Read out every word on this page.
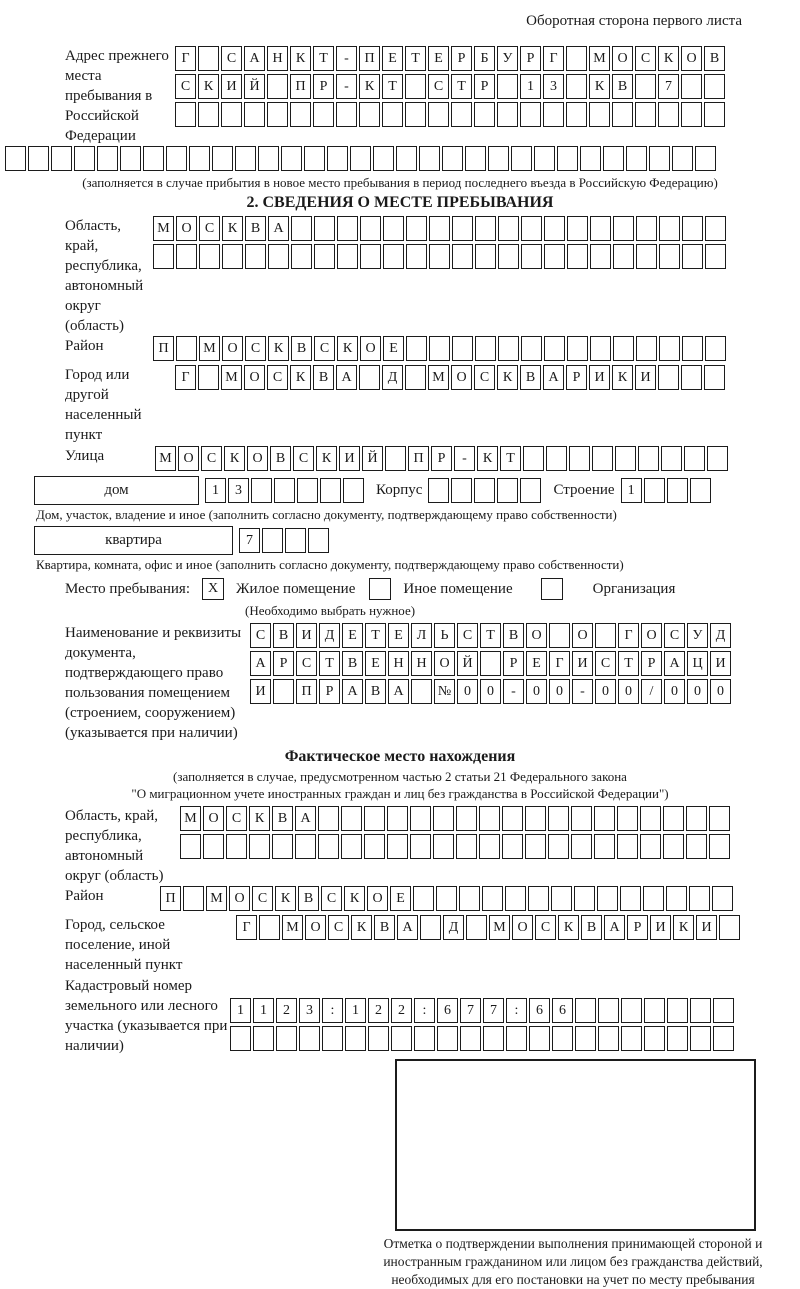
Оборотная сторона первого листа
Адрес прежнего места пребывания в Российской Федерации
Г	С А Н К	Т	-	П Е	Т	Е	Р	Б	У	Р	Г	М О С К О В
С К И Й	П	Р	-	К	Т	С	Т	Р	1	3	К В	7
(заполняется в случае прибытия в новое место пребывания в период последнего въезда в Российскую Федерацию)
2. СВЕДЕНИЯ О МЕСТЕ ПРЕБЫВАНИЯ
Область, край, республика, автономный округ (область)
М О С К В А
Район	П	М О С К В С К О Е
Город или другой населенный пункт
Г	М О С К В А	Д	М О С К В А	Р	И К И
Улица	М О С К О В С К И Й	П	Р	-	К	Т
дом	1	3	Корпус	Строение 1
Дом, участок, владение и иное (заполнить согласно документу, подтверждающему право собственности)
квартира	7
Квартира, комната, офис и иное (заполнить согласно документу, подтверждающему право собственности)
Место пребывания:	X	Жилое помещение	Иное помещение	Организация
(Необходимо выбрать нужное)
Наименование и реквизиты документа, подтверждающего право пользования помещением (строением, сооружением) (указывается при наличии)
С В И Д Е	Т	Е Л	Ь	С	Т	В О	О	Г О С У Д
А	Р	С	Т	В	Е Н Н О Й	Р	Е	Г И С	Т	Р	А Ц И
И	П	Р	А В А	№ 0	0	-	0	0	-	0	0	/	0	0	0
Фактическое место нахождения
(заполняется в случае, предусмотренном частью 2 статьи 21 Федерального закона
"О миграционном учете иностранных граждан и лиц без гражданства в Российской Федерации")
Область, край, республика, автономный округ (область)
М О С К В А
Район	П	М О С К В С К О Е
Город, сельское поселение, иной населенный пункт
Г	М О С К В А	Д	М О С К В А	Р	И К И
Кадастровый номер земельного или лесного участка (указывается при наличии)
1	1	2	3	:	1	2	2	:	6	7	7	:	6	6
Отметка о подтверждении выполнения принимающей стороной и иностранным гражданином или лицом без гражданства действий, необходимых для его постановки на учет по месту пребывания
